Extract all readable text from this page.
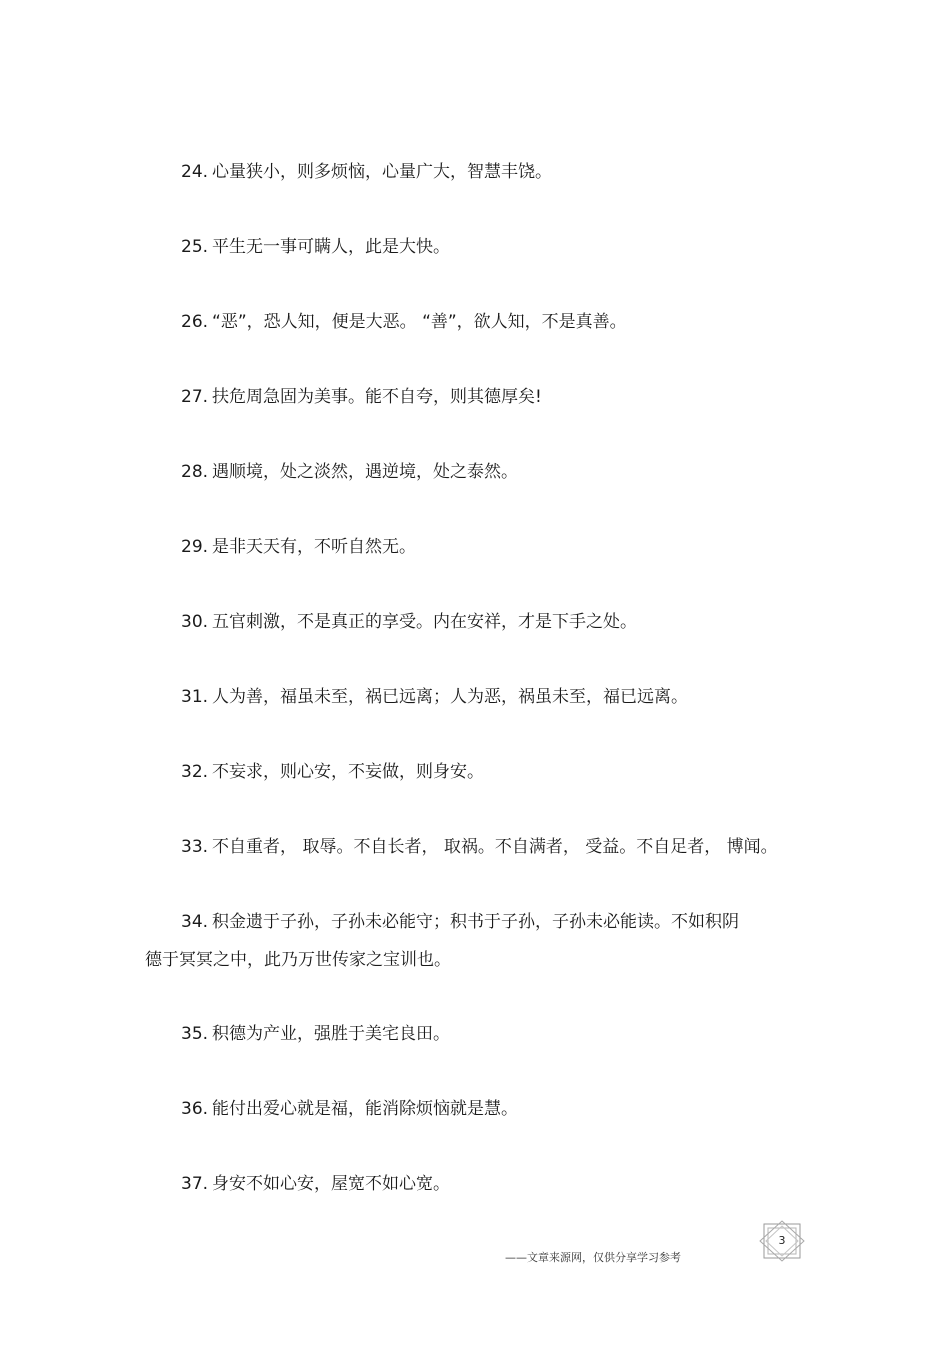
24. 心量狭小，则多烦恼，心量广大，智慧丰饶。
25. 平生无一事可瞒人，此是大快。
26. “恶”，恐人知，便是大恶。 “善”，欲人知，不是真善。
27. 扶危周急固为美事。能不自夸，则其德厚矣!
28. 遇顺境，处之淡然，遇逆境，处之泰然。
29. 是非天天有，不听自然无。
30. 五官刺激，不是真正的享受。内在安祥，才是下手之处。
31. 人为善，福虽未至，祸已远离；人为恶，祸虽未至，福已远离。
32. 不妄求，则心安，不妄做，则身安。
33. 不自重者， 取辱。不自长者， 取祸。不自满者， 受益。不自足者， 博闻。
34. 积金遗于子孙，子孙未必能守；积书于子孙，子孙未必能读。不如积阴
德于冥冥之中，此乃万世传家之宝训也。
35. 积德为产业，强胜于美宅良田。
36. 能付出爱心就是福，能消除烦恼就是慧。
37. 身安不如心安，屋宽不如心宽。
——文章来源网，仅供分享学习参考
3
